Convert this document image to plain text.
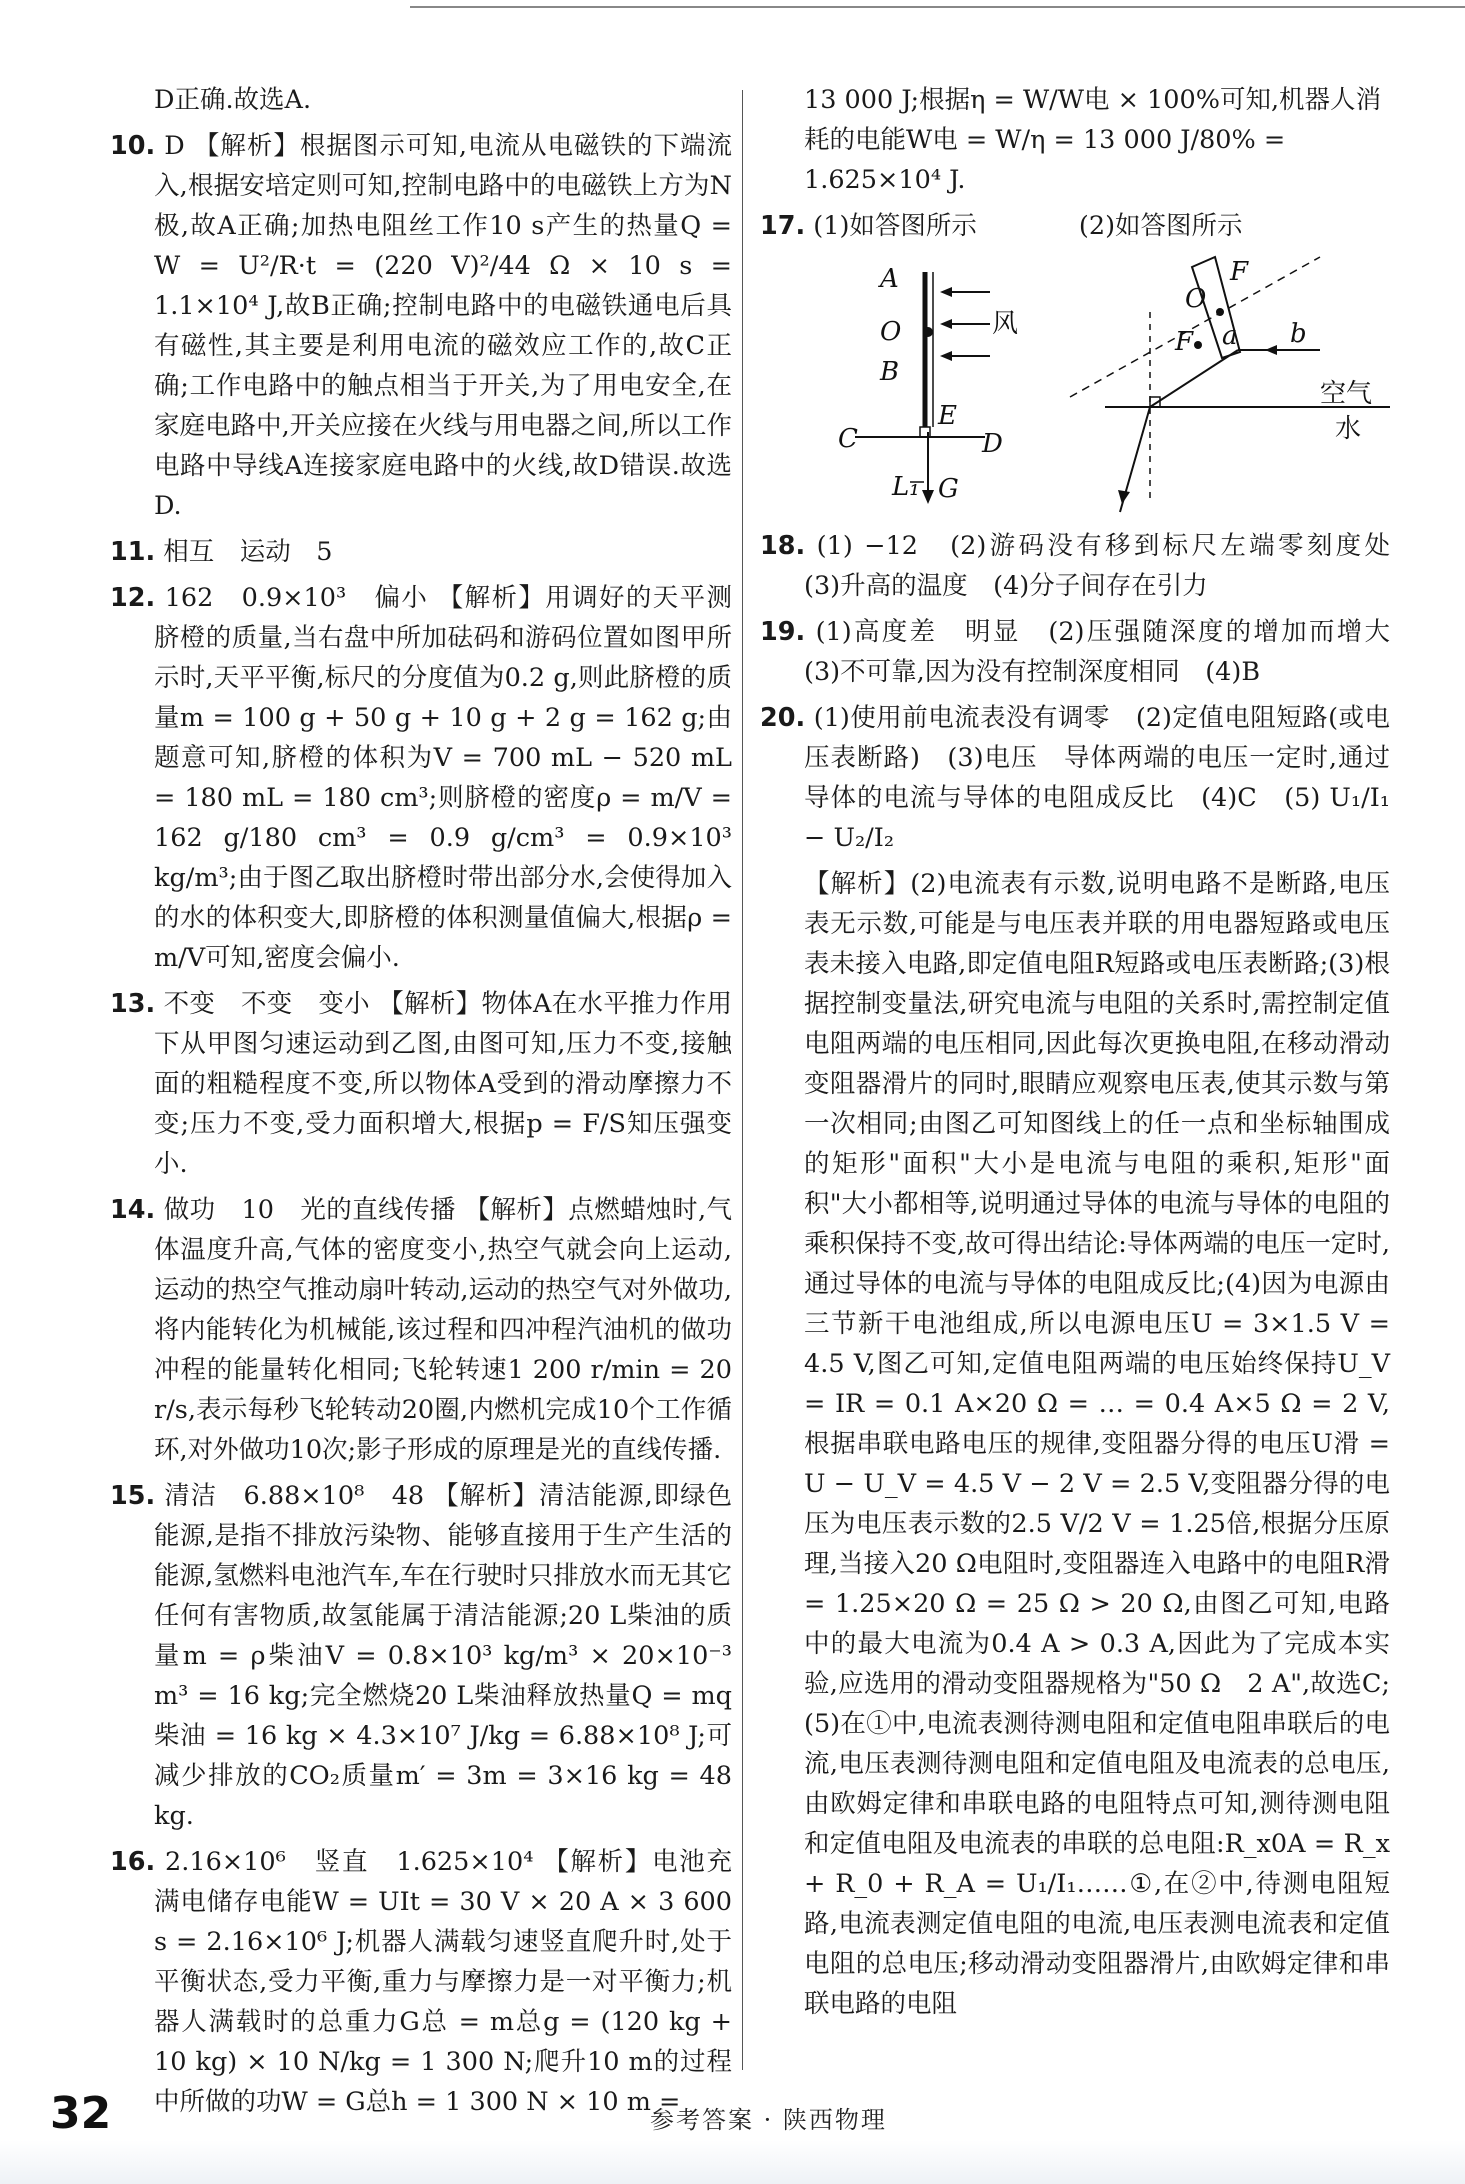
D正确.故选A.

10. D 【解析】根据图示可知,电流从电磁铁的下端流入,根据安培定则可知,控制电路中的电磁铁上方为N极,故A正确;加热电阻丝工作10 s产生的热量Q = W = U²/R·t = (220 V)²/44 Ω × 10 s = 1.1×10⁴ J,故B正确;控制电路中的电磁铁通电后具有磁性,其主要是利用电流的磁效应工作的,故C正确;工作电路中的触点相当于开关,为了用电安全,在家庭电路中,开关应接在火线与用电器之间,所以工作电路中导线A连接家庭电路中的火线,故D错误.故选D.

11. 相互　运动　5

12. 162　0.9×10³　偏小 【解析】用调好的天平测脐橙的质量,当右盘中所加砝码和游码位置如图甲所示时,天平平衡,标尺的分度值为0.2 g,则此脐橙的质量m = 100 g + 50 g + 10 g + 2 g = 162 g;由题意可知,脐橙的体积为V = 700 mL − 520 mL = 180 mL = 180 cm³;则脐橙的密度ρ = m/V = 162 g/180 cm³ = 0.9 g/cm³ = 0.9×10³ kg/m³;由于图乙取出脐橙时带出部分水,会使得加入的水的体积变大,即脐橙的体积测量值偏大,根据ρ = m/V可知,密度会偏小.

13. 不变　不变　变小 【解析】物体A在水平推力作用下从甲图匀速运动到乙图,由图可知,压力不变,接触面的粗糙程度不变,所以物体A受到的滑动摩擦力不变;压力不变,受力面积增大,根据p = F/S知压强变小.

14. 做功　10　光的直线传播 【解析】点燃蜡烛时,气体温度升高,气体的密度变小,热空气就会向上运动,运动的热空气推动扇叶转动,运动的热空气对外做功,将内能转化为机械能,该过程和四冲程汽油机的做功冲程的能量转化相同;飞轮转速1 200 r/min = 20 r/s,表示每秒飞轮转动20圈,内燃机完成10个工作循环,对外做功10次;影子形成的原理是光的直线传播.

15. 清洁　6.88×10⁸　48 【解析】清洁能源,即绿色能源,是指不排放污染物、能够直接用于生产生活的能源,氢燃料电池汽车,车在行驶时只排放水而无其它任何有害物质,故氢能属于清洁能源;20 L柴油的质量m = ρ柴油V = 0.8×10³ kg/m³ × 20×10⁻³ m³ = 16 kg;完全燃烧20 L柴油释放热量Q = mq柴油 = 16 kg × 4.3×10⁷ J/kg = 6.88×10⁸ J;可减少排放的CO₂质量m′ = 3m = 3×16 kg = 48 kg.

16. 2.16×10⁶　竖直　1.625×10⁴ 【解析】电池充满电储存电能W = UIt = 30 V × 20 A × 3 600 s = 2.16×10⁶ J;机器人满载匀速竖直爬升时,处于平衡状态,受力平衡,重力与摩擦力是一对平衡力;机器人满载时的总重力G总 = m总g = (120 kg + 10 kg) × 10 N/kg = 1 300 N;爬升10 m的过程中所做的功W = G总h = 1 300 N × 10 m =

13 000 J;根据η = W/W电 × 100%可知,机器人消耗的电能W电 = W/η = 13 000 J/80% = 1.625×10⁴ J.

17. (1)如答图所示　　　　(2)如答图所示

A
O
B
风
E
C	D
L₁ G
F
O
F a b
空气
水

18. (1) −12　(2)游码没有移到标尺左端零刻度处　(3)升高的温度　(4)分子间存在引力

19. (1)高度差　明显　(2)压强随深度的增加而增大　(3)不可靠,因为没有控制深度相同　(4)B

20. (1)使用前电流表没有调零　(2)定值电阻短路(或电压表断路)　(3)电压　导体两端的电压一定时,通过导体的电流与导体的电阻成反比　(4)C　(5) U₁/I₁ − U₂/I₂

【解析】(2)电流表有示数,说明电路不是断路,电压表无示数,可能是与电压表并联的用电器短路或电压表未接入电路,即定值电阻R短路或电压表断路;(3)根据控制变量法,研究电流与电阻的关系时,需控制定值电阻两端的电压相同,因此每次更换电阻,在移动滑动变阻器滑片的同时,眼睛应观察电压表,使其示数与第一次相同;由图乙可知图线上的任一点和坐标轴围成的矩形"面积"大小是电流与电阻的乘积,矩形"面积"大小都相等,说明通过导体的电流与导体的电阻的乘积保持不变,故可得出结论:导体两端的电压一定时,通过导体的电流与导体的电阻成反比;(4)因为电源由三节新干电池组成,所以电源电压U = 3×1.5 V = 4.5 V,图乙可知,定值电阻两端的电压始终保持U_V = IR = 0.1 A×20 Ω = … = 0.4 A×5 Ω = 2 V,根据串联电路电压的规律,变阻器分得的电压U滑 = U − U_V = 4.5 V − 2 V = 2.5 V,变阻器分得的电压为电压表示数的2.5 V/2 V = 1.25倍,根据分压原理,当接入20 Ω电阻时,变阻器连入电路中的电阻R滑 = 1.25×20 Ω = 25 Ω > 20 Ω,由图乙可知,电路中的最大电流为0.4 A > 0.3 A,因此为了完成本实验,应选用的滑动变阻器规格为"50 Ω　2 A",故选C;(5)在①中,电流表测待测电阻和定值电阻串联后的电流,电压表测待测电阻和定值电阻及电流表的总电压,由欧姆定律和串联电路的电阻特点可知,测待测电阻和定值电阻及电流表的串联的总电阻:R_x0A = R_x + R_0 + R_A = U₁/I₁……①,在②中,待测电阻短路,电流表测定值电阻的电流,电压表测电流表和定值电阻的总电压;移动滑动变阻器滑片,由欧姆定律和串联电路的电阻

32	参考答案 · 陕西物理
